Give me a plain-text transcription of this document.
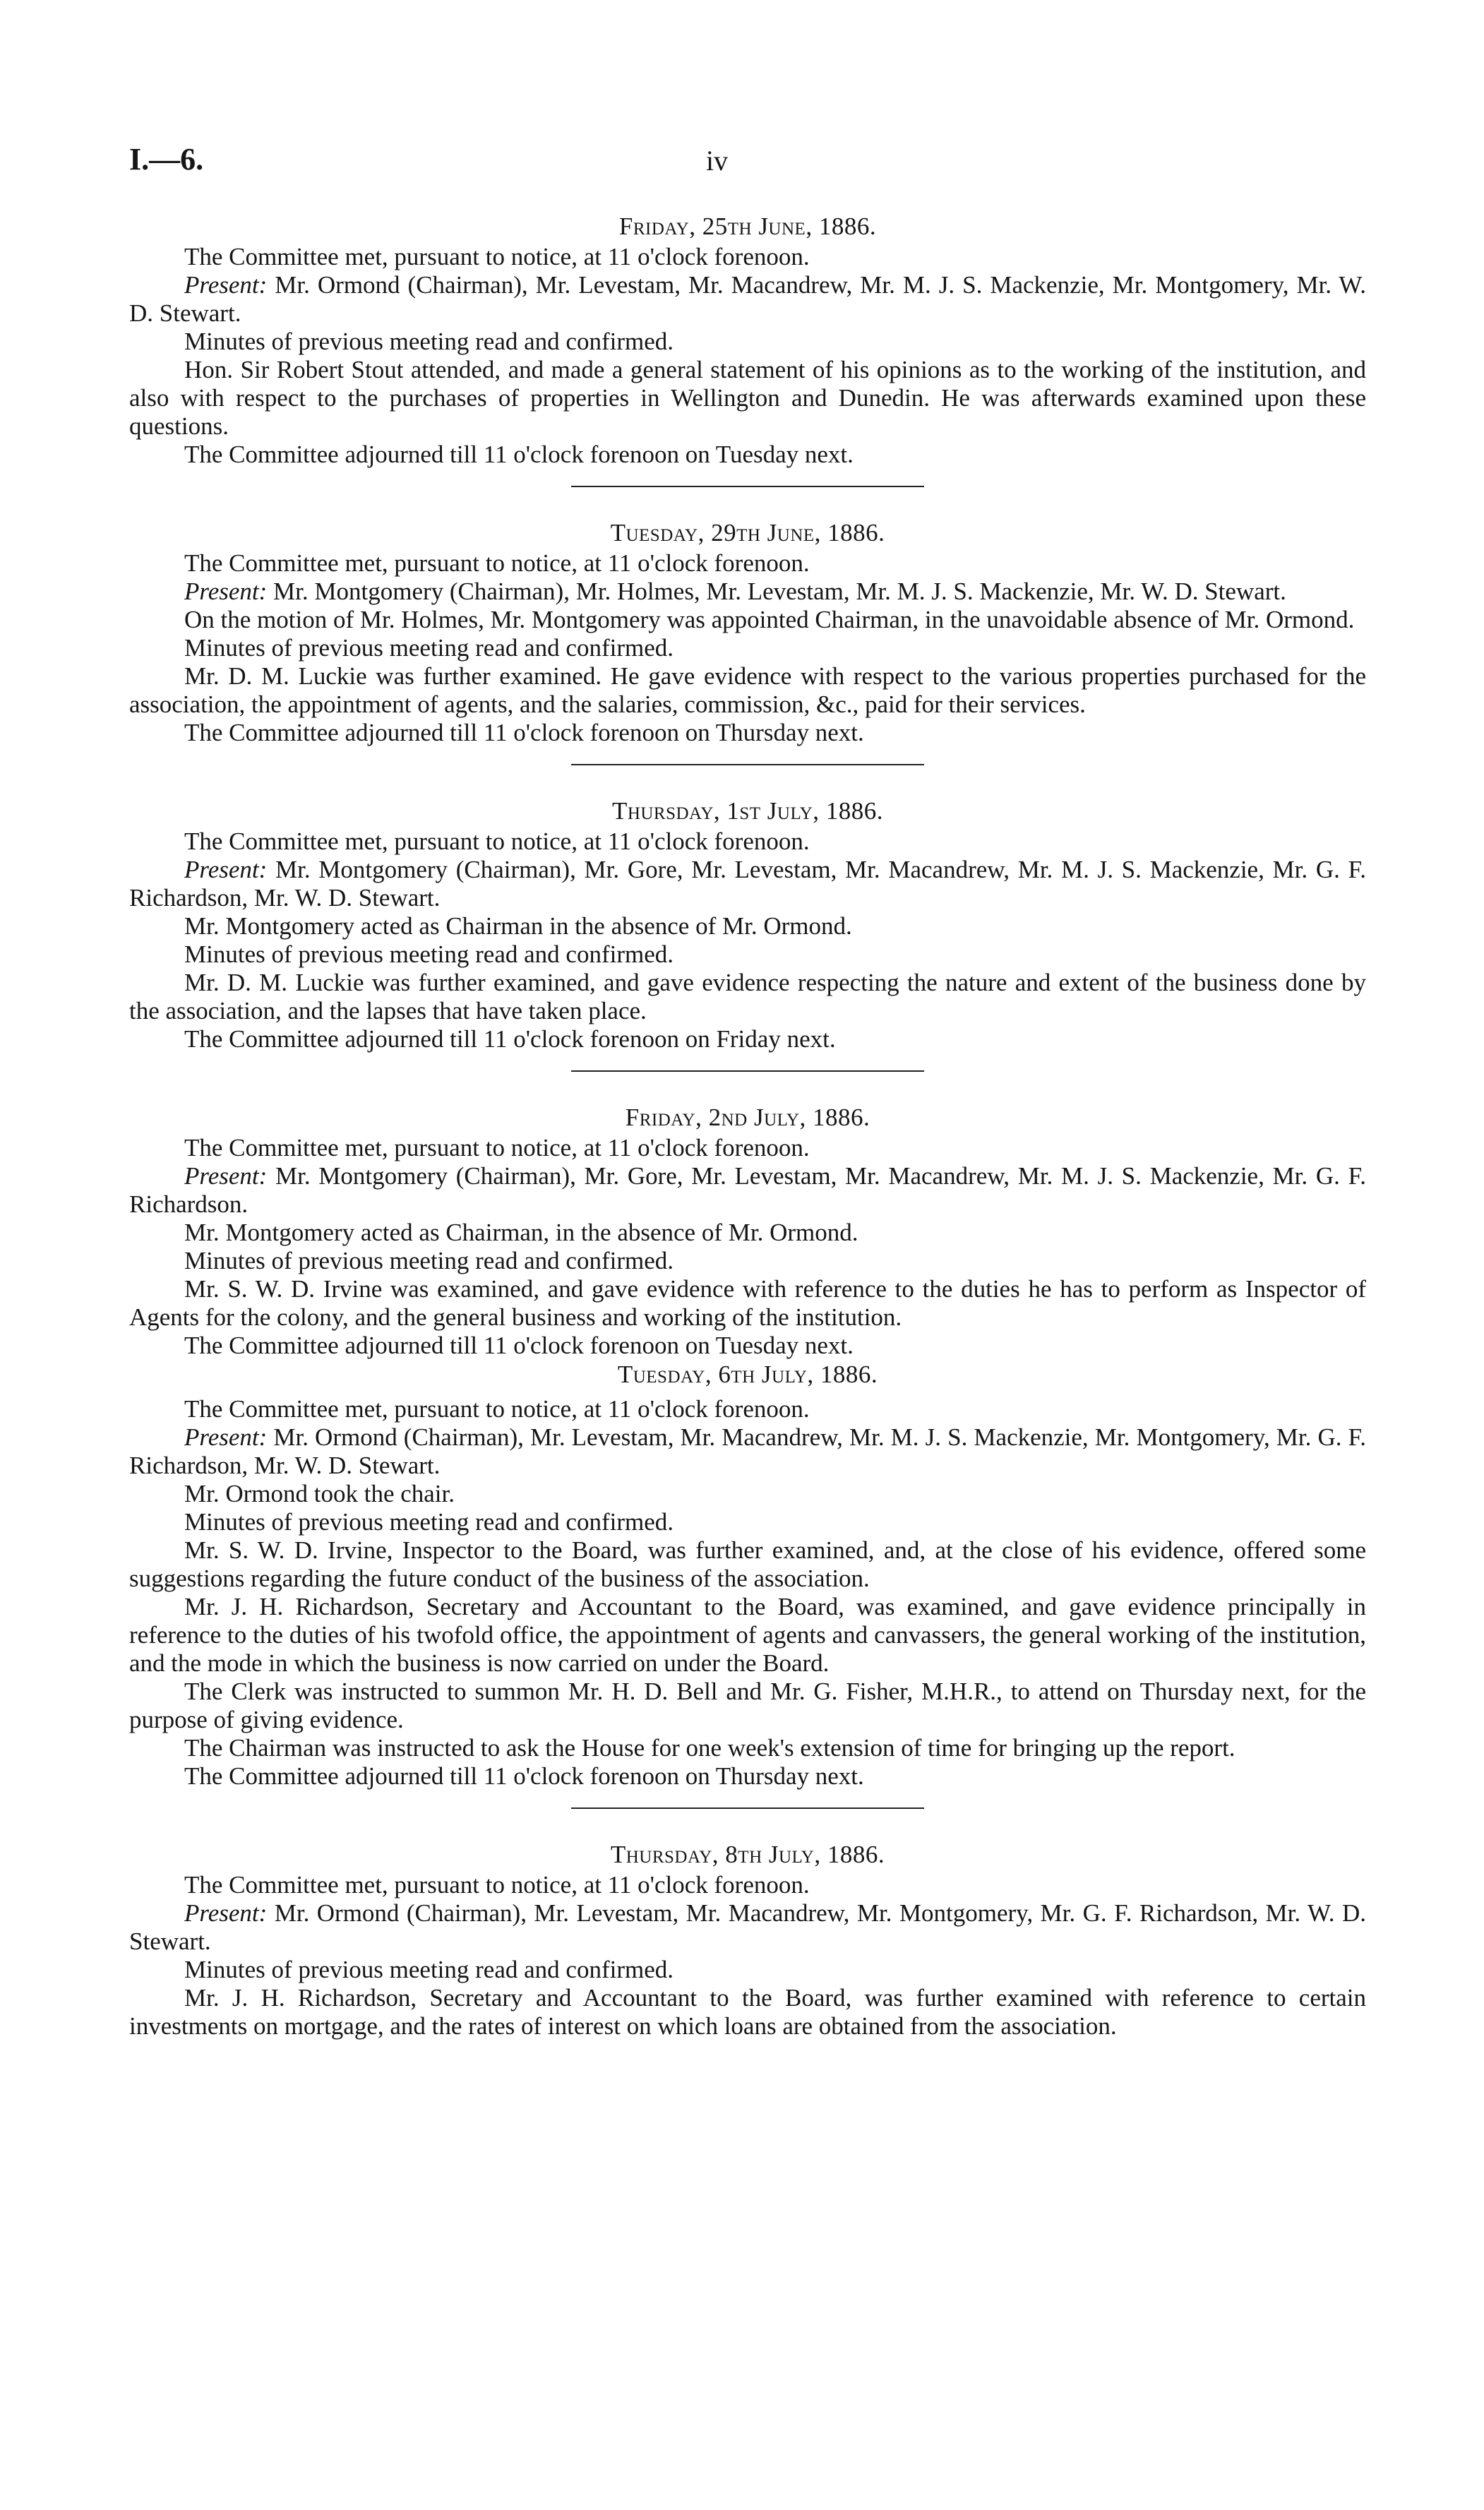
I.—6.	iv
Friday, 25th June, 1886.

The Committee met, pursuant to notice, at 11 o'clock forenoon.

Present: Mr. Ormond (Chairman), Mr. Levestam, Mr. Macandrew, Mr. M. J. S. Mackenzie, Mr. Montgomery, Mr. W. D. Stewart.

Minutes of previous meeting read and confirmed.

Hon. Sir Robert Stout attended, and made a general statement of his opinions as to the working of the institution, and also with respect to the purchases of properties in Wellington and Dunedin. He was afterwards examined upon these questions.

The Committee adjourned till 11 o'clock forenoon on Tuesday next.

Tuesday, 29th June, 1886.

The Committee met, pursuant to notice, at 11 o'clock forenoon.

Present: Mr. Montgomery (Chairman), Mr. Holmes, Mr. Levestam, Mr. M. J. S. Mackenzie, Mr. W. D. Stewart.

On the motion of Mr. Holmes, Mr. Montgomery was appointed Chairman, in the unavoidable absence of Mr. Ormond.

Minutes of previous meeting read and confirmed.

Mr. D. M. Luckie was further examined. He gave evidence with respect to the various properties purchased for the association, the appointment of agents, and the salaries, commission, &c., paid for their services.

The Committee adjourned till 11 o'clock forenoon on Thursday next.

Thursday, 1st July, 1886.

The Committee met, pursuant to notice, at 11 o'clock forenoon.

Present: Mr. Montgomery (Chairman), Mr. Gore, Mr. Levestam, Mr. Macandrew, Mr. M. J. S. Mackenzie, Mr. G. F. Richardson, Mr. W. D. Stewart.

Mr. Montgomery acted as Chairman in the absence of Mr. Ormond.

Minutes of previous meeting read and confirmed.

Mr. D. M. Luckie was further examined, and gave evidence respecting the nature and extent of the business done by the association, and the lapses that have taken place.

The Committee adjourned till 11 o'clock forenoon on Friday next.

Friday, 2nd July, 1886.

The Committee met, pursuant to notice, at 11 o'clock forenoon.

Present: Mr. Montgomery (Chairman), Mr. Gore, Mr. Levestam, Mr. Macandrew, Mr. M. J. S. Mackenzie, Mr. G. F. Richardson.

Mr. Montgomery acted as Chairman, in the absence of Mr. Ormond.

Minutes of previous meeting read and confirmed.

Mr. S. W. D. Irvine was examined, and gave evidence with reference to the duties he has to perform as Inspector of Agents for the colony, and the general business and working of the institution.

The Committee adjourned till 11 o'clock forenoon on Tuesday next.

Tuesday, 6th July, 1886.

The Committee met, pursuant to notice, at 11 o'clock forenoon.

Present: Mr. Ormond (Chairman), Mr. Levestam, Mr. Macandrew, Mr. M. J. S. Mackenzie, Mr. Montgomery, Mr. G. F. Richardson, Mr. W. D. Stewart.

Mr. Ormond took the chair.

Minutes of previous meeting read and confirmed.

Mr. S. W. D. Irvine, Inspector to the Board, was further examined, and, at the close of his evidence, offered some suggestions regarding the future conduct of the business of the association.

Mr. J. H. Richardson, Secretary and Accountant to the Board, was examined, and gave evidence principally in reference to the duties of his twofold office, the appointment of agents and canvassers, the general working of the institution, and the mode in which the business is now carried on under the Board.

The Clerk was instructed to summon Mr. H. D. Bell and Mr. G. Fisher, M.H.R., to attend on Thursday next, for the purpose of giving evidence.

The Chairman was instructed to ask the House for one week's extension of time for bringing up the report.

The Committee adjourned till 11 o'clock forenoon on Thursday next.

Thursday, 8th July, 1886.

The Committee met, pursuant to notice, at 11 o'clock forenoon.

Present: Mr. Ormond (Chairman), Mr. Levestam, Mr. Macandrew, Mr. Montgomery, Mr. G. F. Richardson, Mr. W. D. Stewart.

Minutes of previous meeting read and confirmed.

Mr. J. H. Richardson, Secretary and Accountant to the Board, was further examined with reference to certain investments on mortgage, and the rates of interest on which loans are obtained from the association.
